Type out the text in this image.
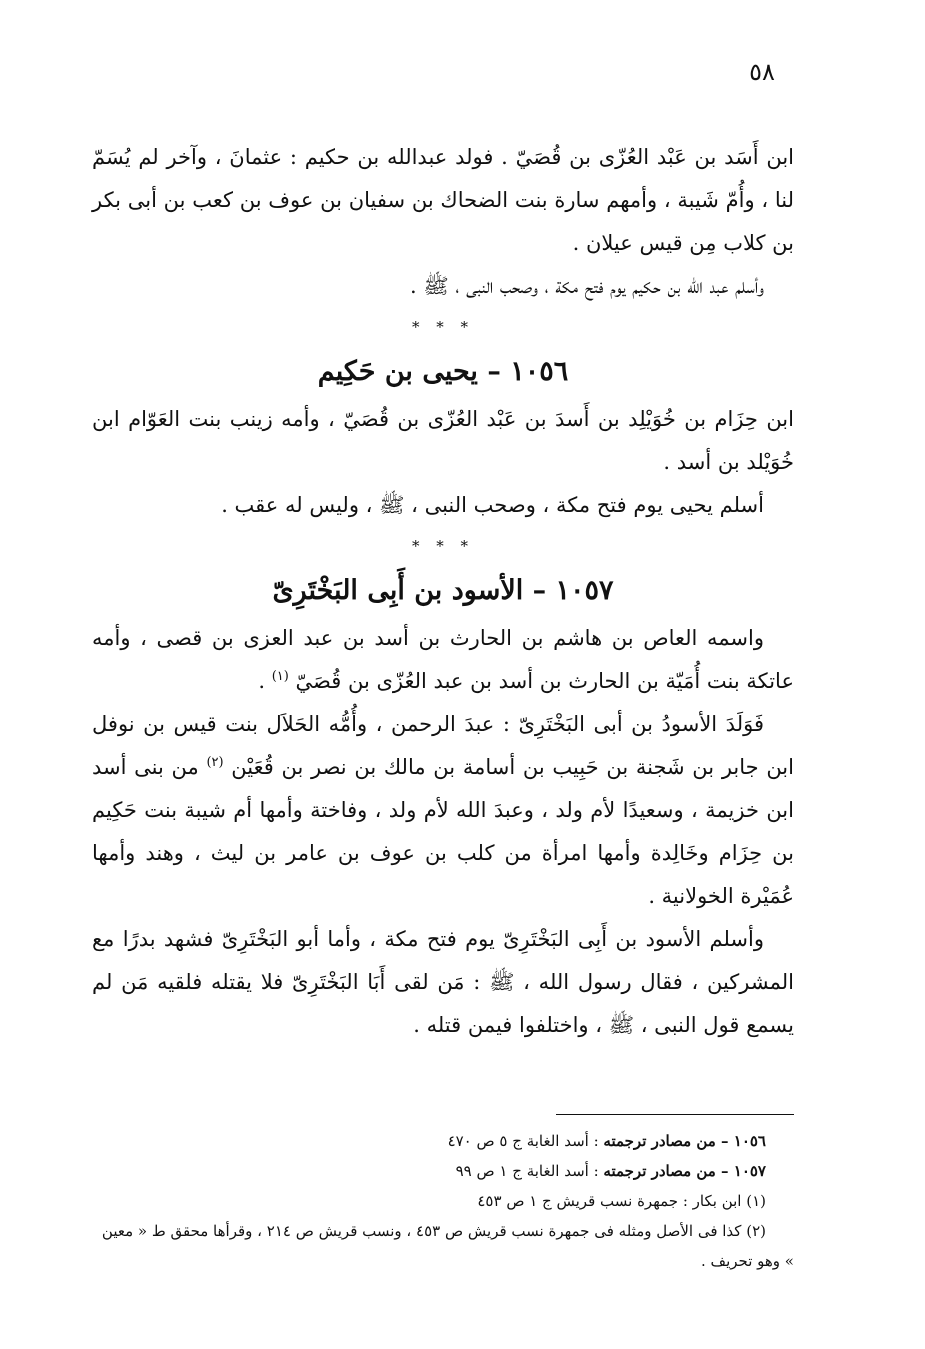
٥٨

ابن أَسَد بن عَبْد العُزّى بن قُصَيّ . فولد عبدالله بن حكيم : عثمانَ ، وآخر لم يُسَمّ لنا ، وأُمّ شَيبة ، وأمهم سارة بنت الضحاك بن سفيان بن عوف بن كعب بن أبى بكر بن كلاب مِن قيس عيلان .

وأسلم عبد الله بن حكيم يوم فتح مكة ، وصحب النبى ، ﷺ .

* * *

١٠٥٦ – يحيى بن حَكِيم

ابن حِزَام بن خُوَيْلِد بن أَسدَ بن عَبْد العُزّى بن قُصَيّ ، وأمه زينب بنت العَوّام ابن خُوَيْلد بن أسد .

أسلم يحيى يوم فتح مكة ، وصحب النبى ، ﷺ ، وليس له عقب .

* * *

١٠٥٧ – الأسود بن أَبِى البَخْتَرِىّ

واسمه العاص بن هاشم بن الحارث بن أسد بن عبد العزى بن قصى ، وأمه عاتكة بنت أُمَيّة بن الحارث بن أسد بن عبد العُزّى بن قُصَيّ $^{(١)}$ .

فَوَلَدَ الأسودُ بن أبى البَخْتَرِىّ : عبدَ الرحمن ، وأُمُّه الحَلاَل بنت قيس بن نوفل ابن جابر بن شَجنة بن حَبِيب بن أسامة بن مالك بن نصر بن قُعَيْن $^{(٢)}$ من بنى أسد ابن خزيمة ، وسعيدًا لأم ولد ، وعبدَ الله لأم ولد ، وفاختة وأمها أم شيبة بنت حَكِيم بن حِزَام وخَالِدة وأمها امرأة من كلب بن عوف بن عامر بن ليث ، وهند وأمها عُمَيْرة الخولانية .

وأسلم الأسود بن أَبِى البَخْتَرِىّ يوم فتح مكة ، وأما أبو البَخْتَرِىّ فشهد بدرًا مع المشركين ، فقال رسول الله ، ﷺ : مَن لقى أَبَا البَخْتَرِىّ فلا يقتله فلقيه مَن لم يسمع قول النبى ، ﷺ ، واختلفوا فيمن قتله .

١٠٥٦ – من مصادر ترجمته : أسد الغابة ج ٥ ص ٤٧٠

١٠٥٧ – من مصادر ترجمته : أسد الغابة ج ١ ص ٩٩

(١) ابن بكار : جمهرة نسب قريش ج ١ ص ٤٥٣

(٢) كذا فى الأصل ومثله فى جمهرة نسب قريش ص ٤٥٣ ، ونسب قريش ص ٢١٤ ، وقرأها محقق ط « معين » وهو تحريف .
